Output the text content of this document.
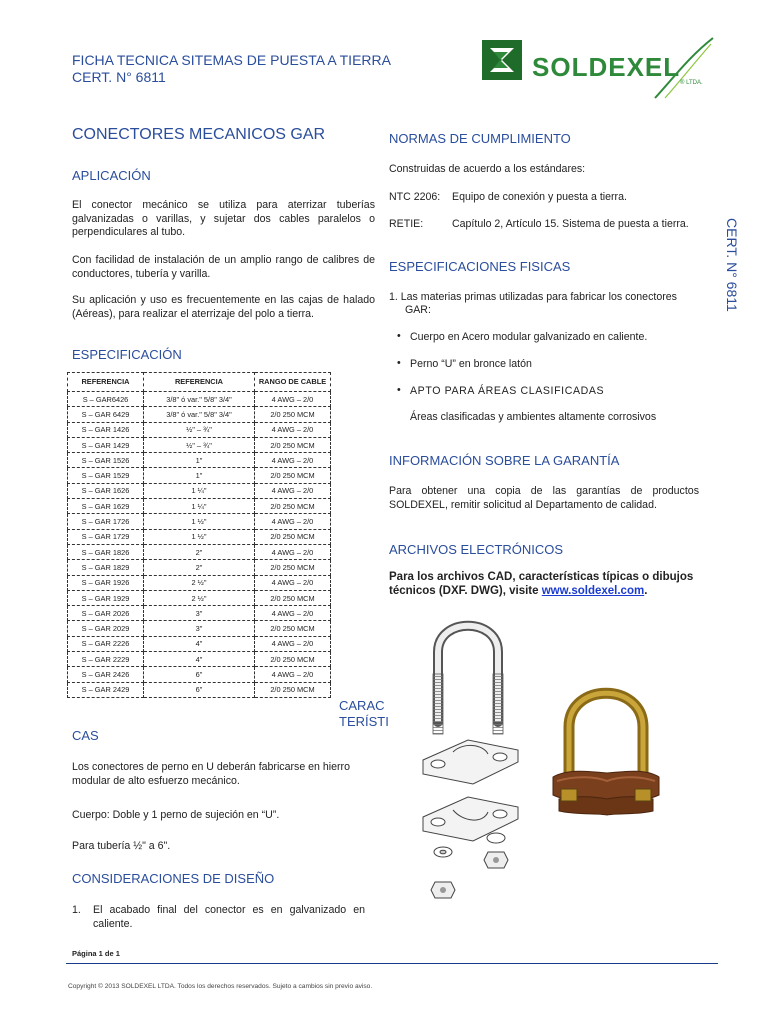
FICHA TECNICA SITEMAS DE PUESTA A TIERRA
CERT. N° 6811	SOLDEXEL
® LTDA.
CERT. N° 6811
CONECTORES MECANICOS GAR
APLICACIÓN
El conector mecánico se utiliza para aterrizar tuberías galvanizadas o varillas, y sujetar dos cables paralelos o perpendiculares al tubo.
Con facilidad de instalación de un amplio rango de calibres de conductores, tubería y varilla.
Su aplicación y uso es frecuentemente en las cajas de halado (Aéreas), para realizar el aterrizaje del polo a tierra.
ESPECIFICACIÓN
REFERENCIA	REFERENCIA	RANGO DE CABLE
S – GAR6426	3/8" ó var." 5/8" 3/4"	4 AWG – 2/0
S – GAR 6429	3/8" ó var." 5/8" 3/4"	2/0 250 MCM
S – GAR 1426	½" – ¾"	4 AWG – 2/0
S – GAR 1429	½" – ¾"	2/0 250 MCM
S – GAR 1526	1"	4 AWG – 2/0
S – GAR 1529	1"	2/0 250 MCM
S – GAR 1626	1 ¼"	4 AWG – 2/0
S – GAR 1629	1 ¼"	2/0 250 MCM
S – GAR 1726	1 ½"	4 AWG – 2/0
S – GAR 1729	1 ½"	2/0 250 MCM
S – GAR 1826	2"	4 AWG – 2/0
S – GAR 1829	2"	2/0 250 MCM
S – GAR 1926	2 ½"	4 AWG – 2/0
S – GAR 1929	2 ½"	2/0 250 MCM
S – GAR 2026	3"	4 AWG – 2/0
S – GAR 2029	3"	2/0 250 MCM
S – GAR 2226	4"	4 AWG – 2/0
S – GAR 2229	4"	2/0 250 MCM
S – GAR 2426	6"	4 AWG – 2/0
S – GAR 2429	6"	2/0 250 MCM
CARAC
TERÍSTI
CAS
Los conectores de perno en U deberán fabricarse en hierro modular de alto esfuerzo mecánico.
Cuerpo: Doble y 1 perno de sujeción en “U”.
Para tubería ½" a 6".
CONSIDERACIONES DE DISEÑO
1. El acabado final del conector es en galvanizado en caliente.
NORMAS DE CUMPLIMIENTO
Construidas de acuerdo a los estándares:
NTC 2206: Equipo de conexión y puesta a tierra.
RETIE:	Capítulo 2, Artículo 15. Sistema de puesta a tierra.
ESPECIFICACIONES FISICAS
1. Las materias primas utilizadas para fabricar los conectores
GAR:
• Cuerpo en Acero modular galvanizado en caliente.
• Perno “U” en bronce latón
• APTO PARA ÁREAS CLASIFICADAS
Áreas clasificadas y ambientes altamente corrosivos
INFORMACIÓN SOBRE LA GARANTÍA
Para obtener una copia de las garantías de productos SOLDEXEL, remitir solicitud al Departamento de calidad.
ARCHIVOS ELECTRÓNICOS
Para los archivos CAD, características típicas o dibujos técnicos (DXF. DWG), visite www.soldexel.com.
Página 1 de 1
Copyright © 2013 SOLDEXEL LTDA. Todos los derechos reservados. Sujeto a cambios sin previo aviso.
